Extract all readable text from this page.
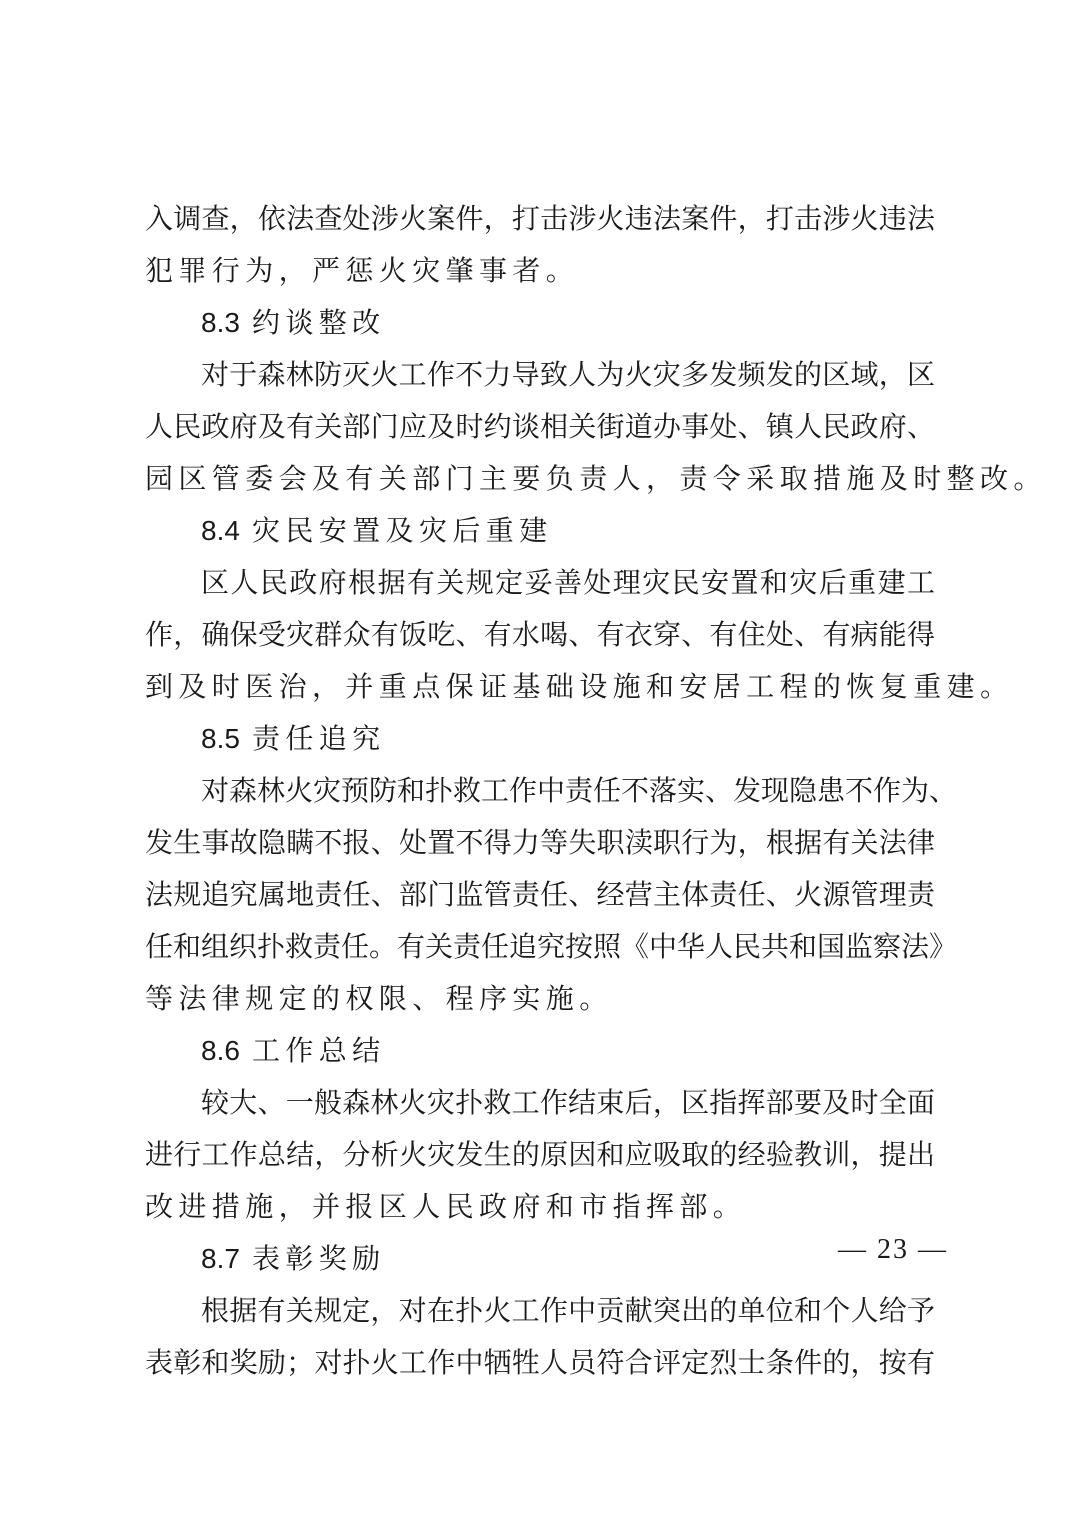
入调查，依法查处涉火案件，打击涉火违法案件，打击涉火违法
犯罪行为，严惩火灾肇事者。
8.3 约谈整改
对于森林防灭火工作不力导致人为火灾多发频发的区域，区
人民政府及有关部门应及时约谈相关街道办事处、镇人民政府、
园区管委会及有关部门主要负责人，责令采取措施及时整改。
8.4 灾民安置及灾后重建
区人民政府根据有关规定妥善处理灾民安置和灾后重建工
作，确保受灾群众有饭吃、有水喝、有衣穿、有住处、有病能得
到及时医治，并重点保证基础设施和安居工程的恢复重建。
8.5 责任追究
对森林火灾预防和扑救工作中责任不落实、发现隐患不作为、
发生事故隐瞒不报、处置不得力等失职渎职行为，根据有关法律
法规追究属地责任、部门监管责任、经营主体责任、火源管理责
任和组织扑救责任。有关责任追究按照《中华人民共和国监察法》
等法律规定的权限、程序实施。
8.6 工作总结
较大、一般森林火灾扑救工作结束后，区指挥部要及时全面
进行工作总结，分析火灾发生的原因和应吸取的经验教训，提出
改进措施，并报区人民政府和市指挥部。
8.7 表彰奖励
根据有关规定，对在扑火工作中贡献突出的单位和个人给予
表彰和奖励；对扑火工作中牺牲人员符合评定烈士条件的，按有
— 23 —
